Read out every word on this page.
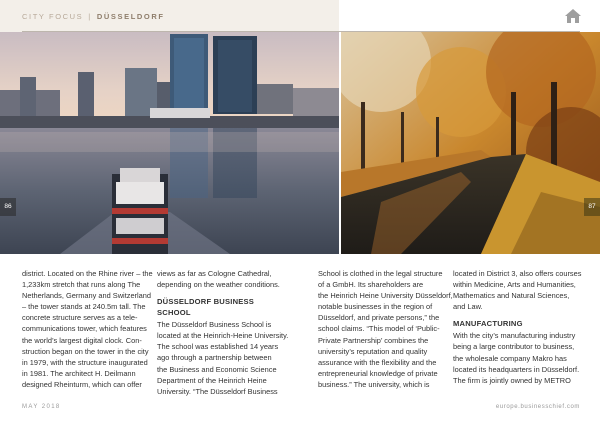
CITY FOCUS | DÜSSELDORF
86	87

district. Located on the Rhine river – the
1,233km stretch that runs along The
Netherlands, Germany and Switzerland
– the tower stands at 240.5m tall. The
concrete structure serves as a tele-
communications tower, which features
the world’s largest digital clock. Con-
struction began on the tower in the city
in 1979, with the structure inaugurated
in 1981. The architect H. Deilmann
designed Rheinturm, which can offer

views as far as Cologne Cathedral,
depending on the weather conditions.

DÜSSELDORF BUSINESS SCHOOL

The Düsseldorf Business School is
located at the Heinrich-Heine University.
The school was established 14 years
ago through a partnership between
the Business and Economic Science
Department of the Heinrich Heine
University. “The Düsseldorf Business

School is clothed in the legal structure
of a GmbH. Its shareholders are
the Heinrich Heine University Düsseldorf,
notable businesses in the region of
Düsseldorf, and private persons,” the
school claims. “This model of ‘Public-
Private Partnership’ combines the
university’s reputation and quality
assurance with the flexibility and the
entrepreneurial knowledge of private
business.” The university, which is

located in District 3, also offers courses
within Medicine, Arts and Humanities,
Mathematics and Natural Sciences,
and Law.

MANUFACTURING

With the city’s manufacturing industry
being a large contributor to business,
the wholesale company Makro has
located its headquarters in Düsseldorf.
The firm is jointly owned by METRO

MAY 2018	europe.businesschief.com
